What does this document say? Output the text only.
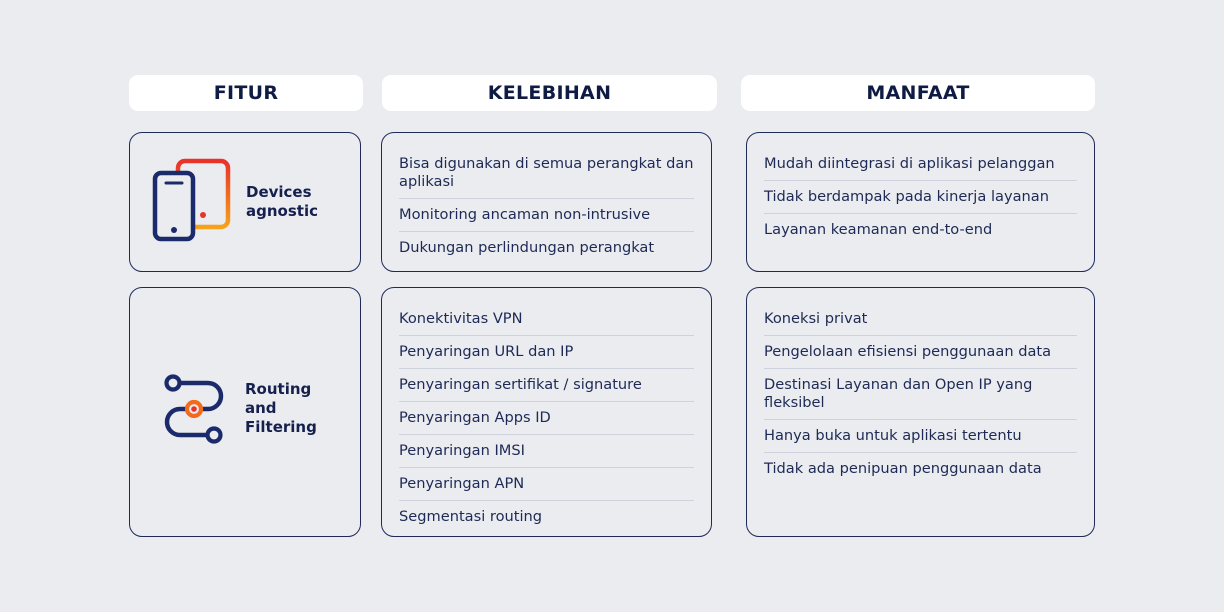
FITUR	KELEBIHAN	MANFAAT
Devices
agnostic
Bisa digunakan di semua perangkat dan aplikasi
Monitoring ancaman non-intrusive
Dukungan perlindungan perangkat
Mudah diintegrasi di aplikasi pelanggan
Tidak berdampak pada kinerja layanan
Layanan keamanan end-to-end
Routing
and
Filtering
Konektivitas VPN
Penyaringan URL dan IP
Penyaringan sertifikat / signature
Penyaringan Apps ID
Penyaringan IMSI
Penyaringan APN
Segmentasi routing
Koneksi privat
Pengelolaan efisiensi penggunaan data
Destinasi Layanan dan Open IP yang fleksibel
Hanya buka untuk aplikasi tertentu
Tidak ada penipuan penggunaan data
